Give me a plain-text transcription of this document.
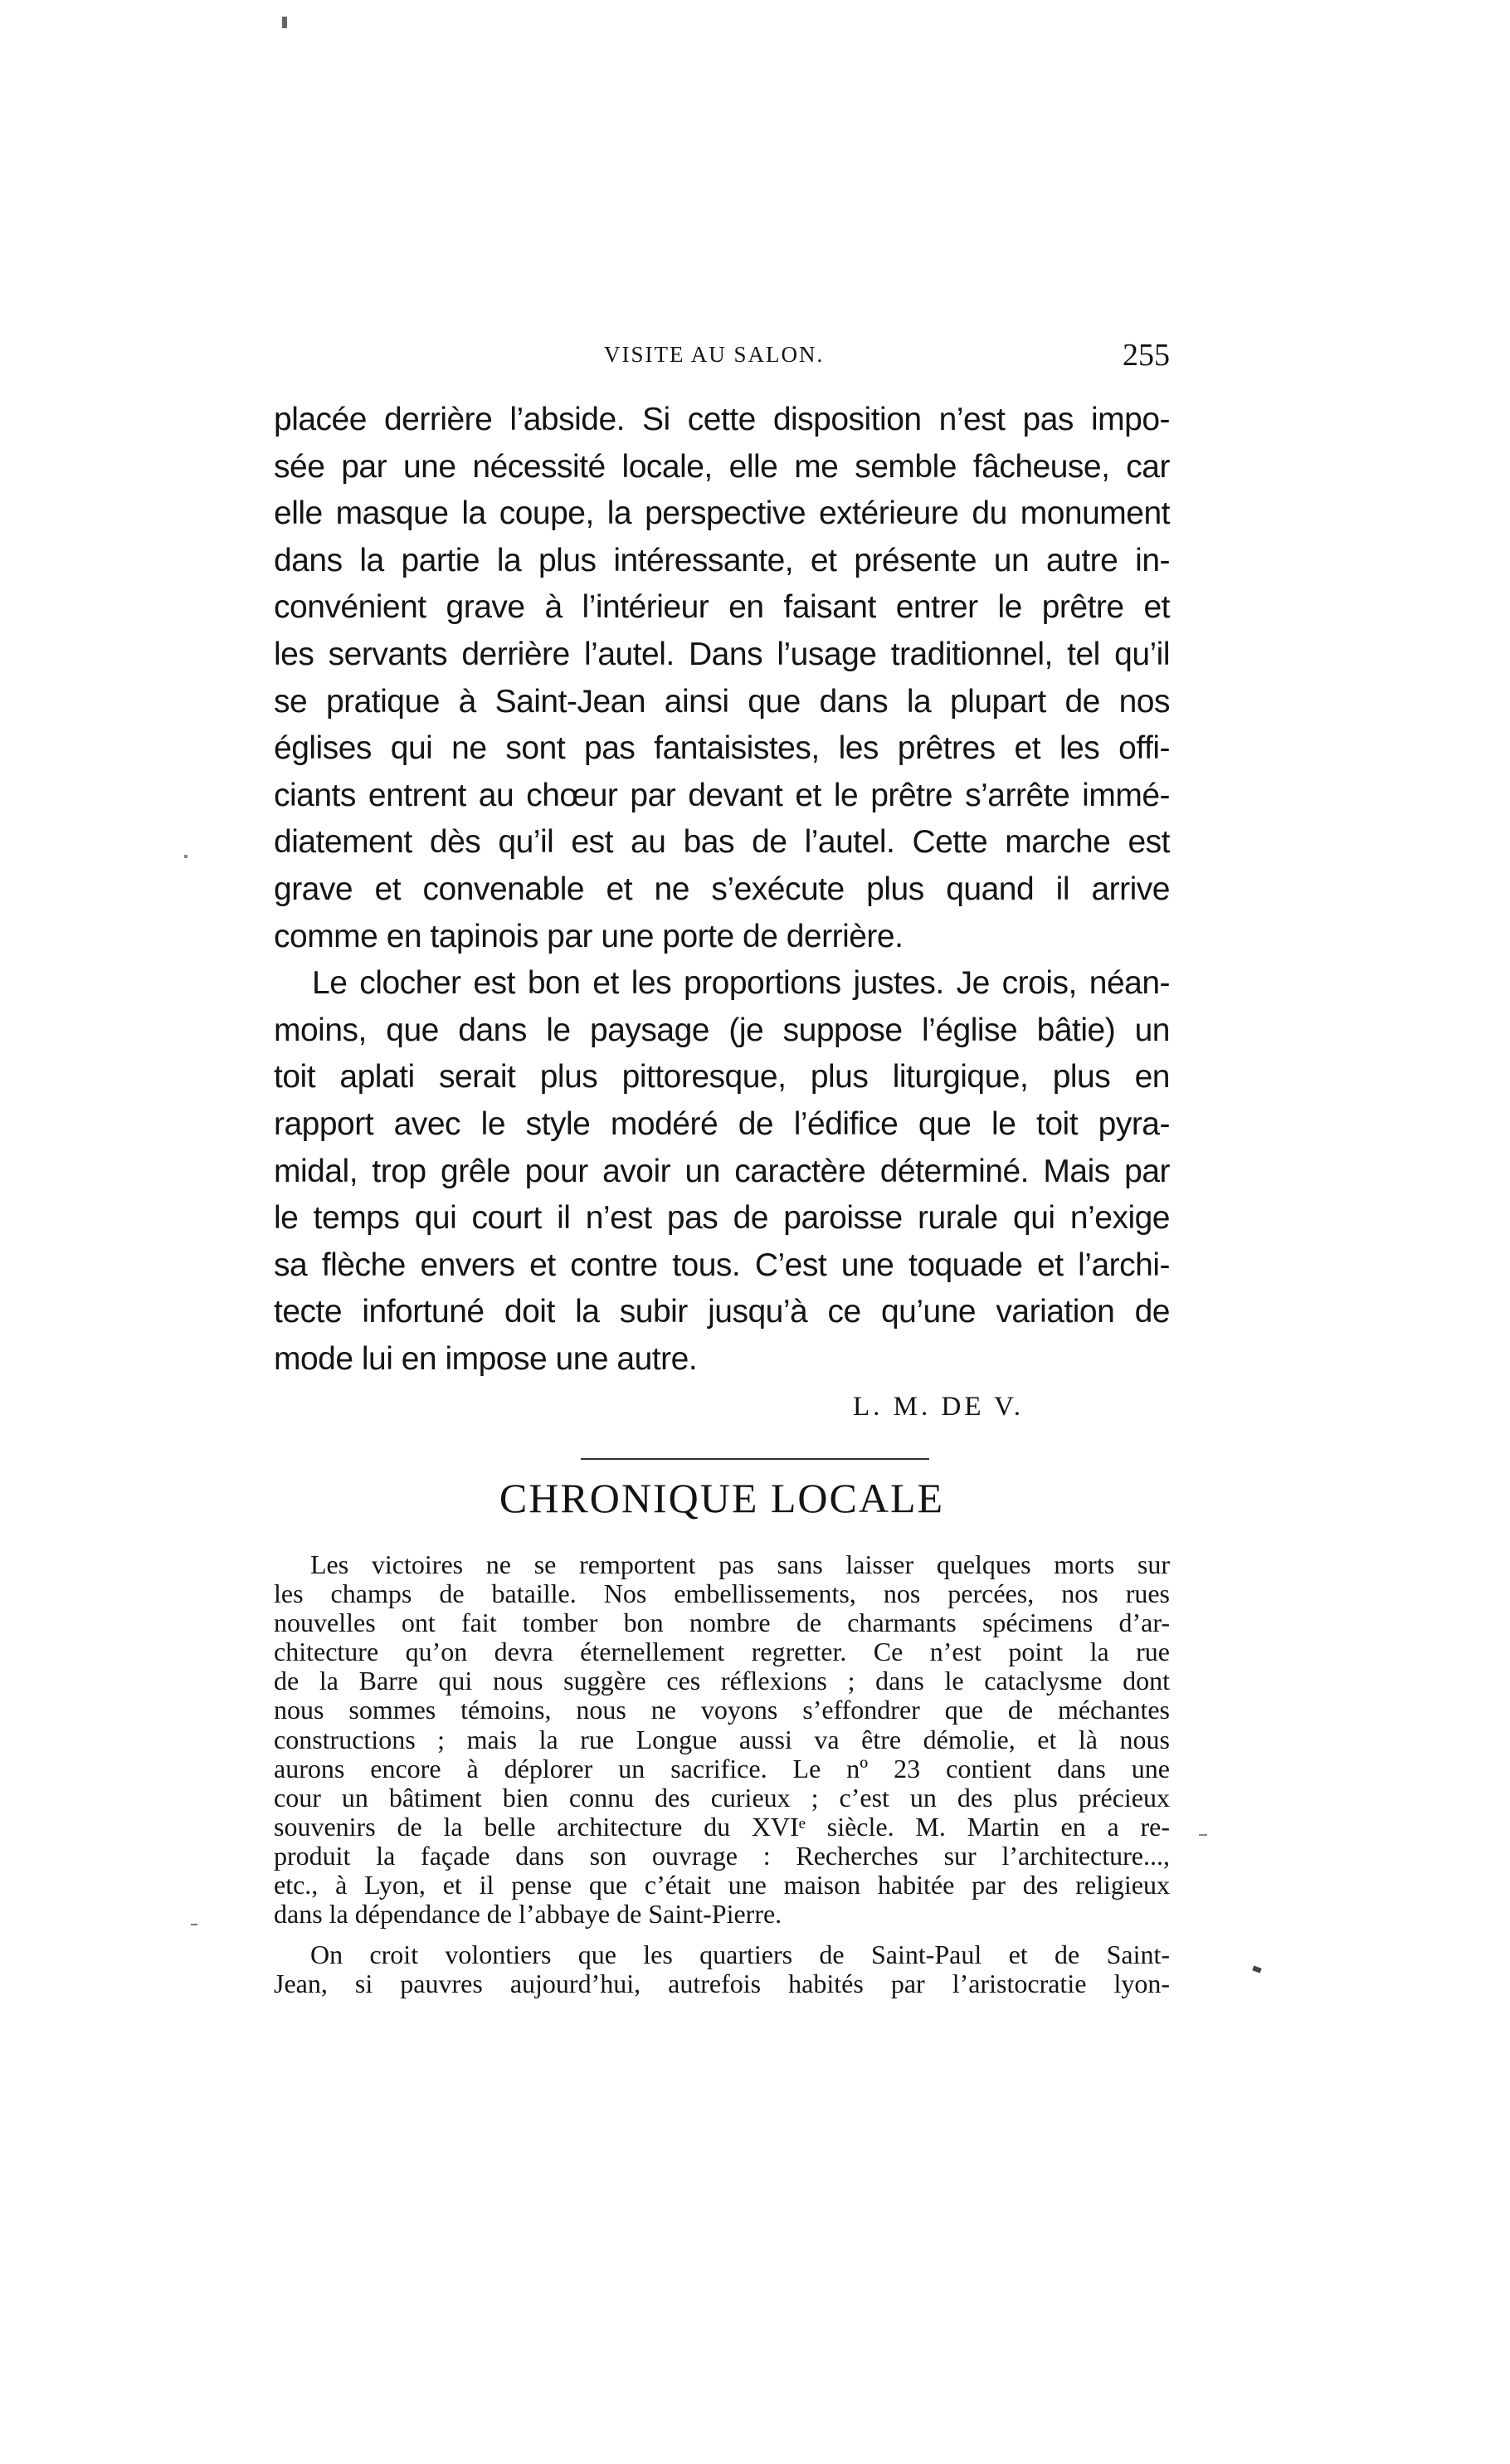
VISITE AU SALON.	255
placée derrière l’abside. Si cette disposition n’est pas impo-
sée par une nécessité locale, elle me semble fâcheuse, car
elle masque la coupe, la perspective extérieure du monument
dans la partie la plus intéressante, et présente un autre in-
convénient grave à l’intérieur en faisant entrer le prêtre et
les servants derrière l’autel. Dans l’usage traditionnel, tel qu’il
se pratique à Saint-Jean ainsi que dans la plupart de nos
églises qui ne sont pas fantaisistes, les prêtres et les offi-
ciants entrent au chœur par devant et le prêtre s’arrête immé-
diatement dès qu’il est au bas de l’autel. Cette marche est
grave et convenable et ne s’exécute plus quand il arrive
comme en tapinois par une porte de derrière.
Le clocher est bon et les proportions justes. Je crois, néan-
moins, que dans le paysage (je suppose l’église bâtie) un
toit aplati serait plus pittoresque, plus liturgique, plus en
rapport avec le style modéré de l’édifice que le toit pyra-
midal, trop grêle pour avoir un caractère déterminé. Mais par
le temps qui court il n’est pas de paroisse rurale qui n’exige
sa flèche envers et contre tous. C’est une toquade et l’archi-
tecte infortuné doit la subir jusqu’à ce qu’une variation de
mode lui en impose une autre.
L. M. DE V.
CHRONIQUE LOCALE
Les victoires ne se remportent pas sans laisser quelques morts sur
les champs de bataille. Nos embellissements, nos percées, nos rues
nouvelles ont fait tomber bon nombre de charmants spécimens d’ar-
chitecture qu’on devra éternellement regretter. Ce n’est point la rue
de la Barre qui nous suggère ces réflexions ; dans le cataclysme dont
nous sommes témoins, nous ne voyons s’effondrer que de méchantes
constructions ; mais la rue Longue aussi va être démolie, et là nous
aurons encore à déplorer un sacrifice. Le nº 23 contient dans une
cour un bâtiment bien connu des curieux ; c’est un des plus précieux
souvenirs de la belle architecture du XVIᵉ siècle. M. Martin en a re-
produit la façade dans son ouvrage : Recherches sur l’architecture...,
etc., à Lyon, et il pense que c’était une maison habitée par des religieux
dans la dépendance de l’abbaye de Saint-Pierre.
On croit volontiers que les quartiers de Saint-Paul et de Saint-
Jean, si pauvres aujourd’hui, autrefois habités par l’aristocratie lyon-
